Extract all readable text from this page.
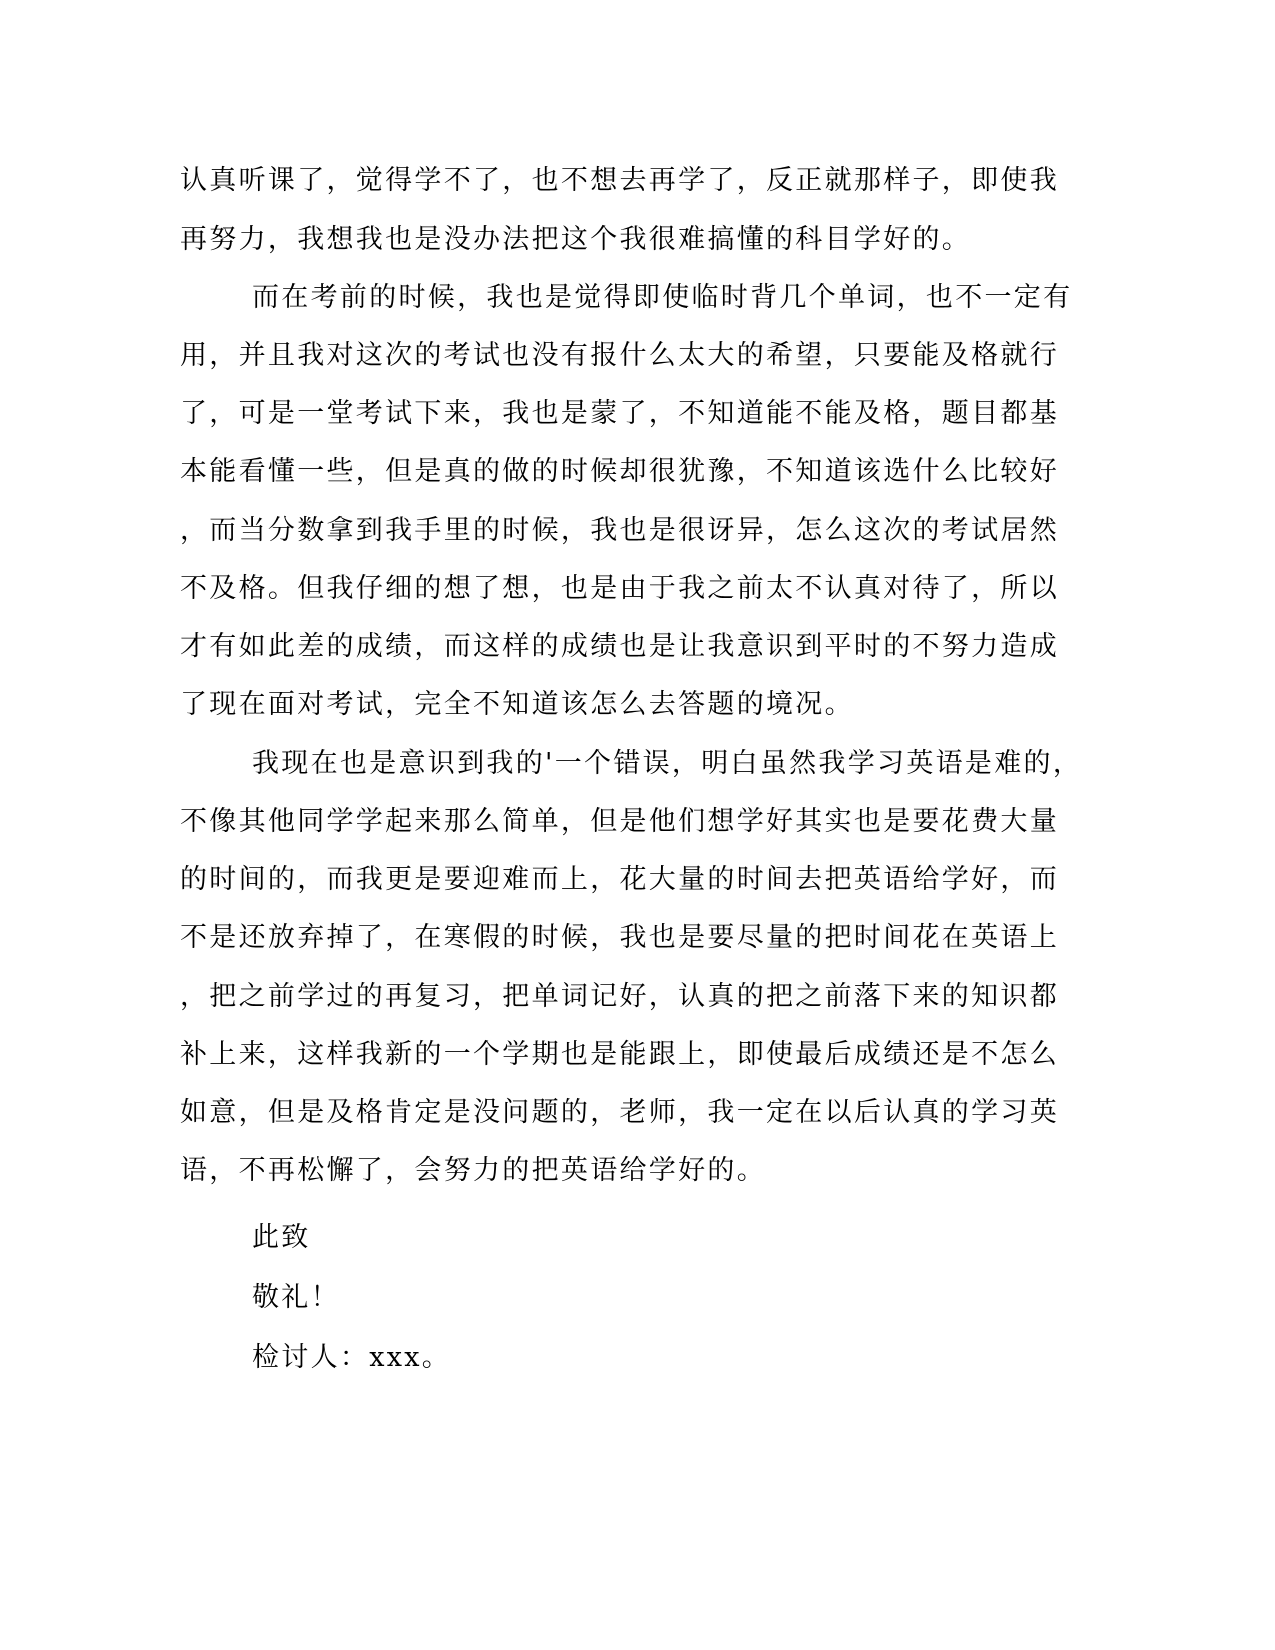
认真听课了，觉得学不了，也不想去再学了，反正就那样子，即使我
再努力，我想我也是没办法把这个我很难搞懂的科目学好的。
而在考前的时候，我也是觉得即使临时背几个单词，也不一定有
用，并且我对这次的考试也没有报什么太大的希望，只要能及格就行
了，可是一堂考试下来，我也是蒙了，不知道能不能及格，题目都基
本能看懂一些，但是真的做的时候却很犹豫，不知道该选什么比较好
，而当分数拿到我手里的时候，我也是很讶异，怎么这次的考试居然
不及格。但我仔细的想了想，也是由于我之前太不认真对待了，所以
才有如此差的成绩，而这样的成绩也是让我意识到平时的不努力造成
了现在面对考试，完全不知道该怎么去答题的境况。
我现在也是意识到我的'一个错误，明白虽然我学习英语是难的，
不像其他同学学起来那么简单，但是他们想学好其实也是要花费大量
的时间的，而我更是要迎难而上，花大量的时间去把英语给学好，而
不是还放弃掉了，在寒假的时候，我也是要尽量的把时间花在英语上
，把之前学过的再复习，把单词记好，认真的把之前落下来的知识都
补上来，这样我新的一个学期也是能跟上，即使最后成绩还是不怎么
如意，但是及格肯定是没问题的，老师，我一定在以后认真的学习英
语，不再松懈了，会努力的把英语给学好的。
此致
敬礼！
检讨人：xxx。
